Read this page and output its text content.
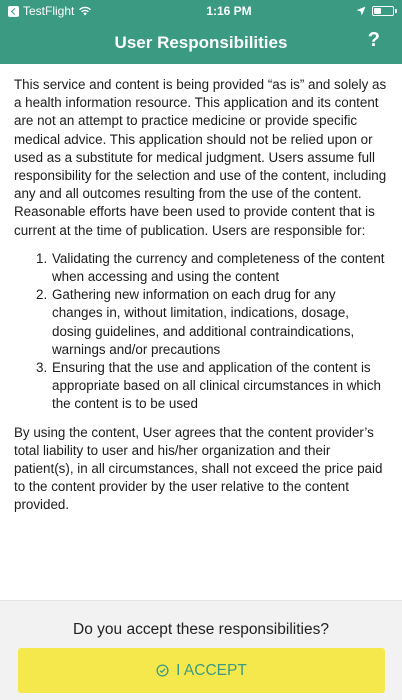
TestFlight	1:16 PM
User Responsibilities	?

This service and content is being provided “as is” and solely as a health information resource. This application and its content are not an attempt to practice medicine or provide specific medical advice. This application should not be relied upon or used as a substitute for medical judgment. Users assume full responsibility for the selection and use of the content, including any and all outcomes resulting from the use of the content. Reasonable efforts have been used to provide content that is current at the time of publication. Users are responsible for:

1. Validating the currency and completeness of the content when accessing and using the content
2. Gathering new information on each drug for any changes in, without limitation, indications, dosage, dosing guidelines, and additional contraindications, warnings and/or precautions
3. Ensuring that the use and application of the content is appropriate based on all clinical circumstances in which the content is to be used

By using the content, User agrees that the content provider’s total liability to user and his/her organization and their patient(s), in all circumstances, shall not exceed the price paid to the content provider by the user relative to the content provided.

Do you accept these responsibilities?
I ACCEPT
